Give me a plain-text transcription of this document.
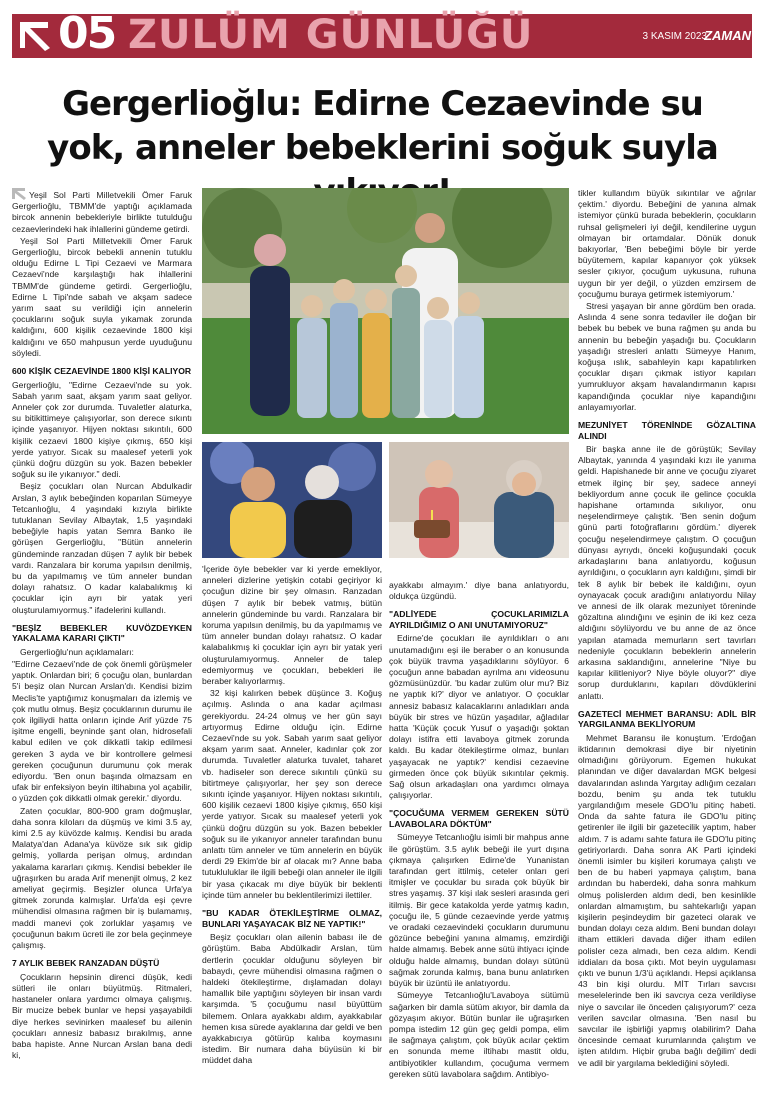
05 ZULÜM GÜNLÜĞÜ	3 KASIM 2023
ZAMAN
Gergerlioğlu: Edirne Cezaevinde su yok, anneler bebeklerini soğuk suyla

Yeşil Sol Parti Milletvekili Ömer Faruk Gergerlioğlu, TBMM'de yaptığı açıklamada bircok annenin bebekleriyle birlikte tutulduğu cezaevlerindeki hak ihlallerini gündeme getirdi.

Yeşil Sol Parti Milletvekili Ömer Faruk Gergerlioğlu, bircok bebekli annenin tutuklu olduğu Edirne L Tipi Cezaevi ve Marmara Cezaevi'nde karşılaştığı hak ihlallerini TBMM'de gündeme getirdi. Gergerlioğlu, Edirne L Tipi'nde sabah ve akşam sadece yarım saat su verildiği için annelerin çocuklarını soğuk suyla yıkamak zorunda kaldığını, 600 kişilik cezaevinde 1800 kişi kaldığını ve 650 mahpusun yerde uyuduğunu söyledi.

600 KİŞİK CEZAEVİNDE 1800 KİŞİ KALIYOR

Gergerlioğlu, "Edirne Cezaevi'nde su yok. Sabah yarım saat, akşam yarım saat geliyor. Anneler çok zor durumda. Tuvaletler alaturka, su bitikittimeye çalışıyorlar, son derece sıkıntı içinde yaşanıyor. Hijyen noktası sıkıntılı, 600 kişilik cezaevi 1800 kişiye çıkmış, 650 kişi yerde yatıyor. Sıcak su maalesef yeterli yok çünkü doğru düzgün su yok. Bazen bebekler soğuk su ile yıkanıyor." dedi.

Beşiz çocukları olan Nurcan Abdulkadir Arslan, 3 aylık bebeğinden koparılan Sümeyye Tetcanlıoğlu, 4 yaşındaki kızıyla birlikte tutuklanan Sevilay Albaytak, 1,5 yaşındaki bebeğiyle hapis yatan Semra Banko ile görüşen Gergerlioğlu, "Bütün annelerin gündeminde ranzadan düşen 7 aylık bir bebek vardı. Ranzalara bir koruma yapılsın denilmiş, bu da yapılmamış ve tüm anneler bundan dolayı rahatsız. O kadar kalabalıkmış ki çocuklar için ayrı bir yatak yeri oluşturulamıyormuş." ifadelerini kullandı.

"BEŞİZ BEBEKLER KUVÖZDEYKEN YAKALAMA KARARI ÇIKTI"

Gergerlioğlu'nun açıklamaları:

"Edirne Cezaevi'nde de çok önemli görüşmeler yaptık. Onlardan biri; 6 çocuğu olan, bunlardan 5'i beşiz olan Nurcan Arslan'dı. Kendisi bizim Meclis'te yaptığımız konuşmaları da izlemiş ve çok mutlu olmuş. Beşiz çocuklarının durumu ile çok ilgiliydi hatta onların içinde Arif yüzde 75 işitme engelli, beyninde şant olan, hidrosefali kabul edilen ve çok dikkatli takip edilmesi gereken 3 ayda ve bir kontrollere gelmesi gereken çocuğunun durumunu çok merak ediyordu. 'Ben onun başında olmazsam en ufak bir enfeksiyon beyin iltihabına yol açabilir, o yüzden çok dikkatli olmak gerekir.' diyordu.

Zaten çocuklar, 800-900 gram doğmuşlar, daha sonra kiloları da düşmüş ve kimi 3.5 ay, kimi 2.5 ay küvözde kalmış. Kendisi bu arada Malatya'dan Adana'ya küvöze sık sık gidip gelmiş, yollarda perişan olmuş, ardından yakalama kararları çıkmış. Kendisi bebekler ile uğraşırken bu arada Arif menenjit olmuş, 2 kez ameliyat geçirmiş. Beşizler olunca Urfa'ya gitmek zorunda kalmışlar. Urfa'da eşi çevre mühendisi olmasına rağmen bir iş bulamamış, maddi manevi çok zorluklar yaşamış ve çocuğunun bakım ücreti ile zor bela geçinmeye çalışmış.

7 AYLIK BEBEK RANZADAN DÜŞTÜ

Çocukların hepsinin direnci düşük, kedi sütleri ile onları büyütmüş. Ritmaleri, hastaneler onlara yardımcı olmaya çalışmış. Bir mucize bebek bunlar ve hepsi yaşayabildi diye herkes sevinirken maalesef bu ailenin çocukları annesiz babasız bırakılmış, anne baba hapiste. Anne Nurcan Arslan bana dedi ki,

'İçeride öyle bebekler var ki yerde emekliyor, anneleri dizlerine yetişkin cotabi geçiriyor ki çocuğun dizine bir şey olmasın. Ranzadan düşen 7 aylık bir bebek vatmış, bütün annelerin gündeminde bu vardı. Ranzalara bir koruma yapılsın denilmiş, bu da yapılmamış ve tüm anneler bundan dolayı rahatsız. O kadar kalabalıkmış ki çocuklar için ayrı bir yatak yeri oluşturulamıyormuş. Anneler de talep edemiyormuş ve çocukları, bebekleri ile beraber kalıyorlarmış.

32 kişi kalırken bebek düşünce 3. Koğuş açılmış. Aslında o ana kadar açılması gerekiyordu. 24-24 olmuş ve her gün sayı artıyormuş Edirne olduğu için. Edirne Cezaevi'nde su yok. Sabah yarım saat geliyor akşam yarım saat. Anneler, kadınlar çok zor durumda. Tuvaletler alaturka tuvalet, taharet vb. hadiseler son derece sıkıntılı çünkü su bitirtmeye çalışıyorlar, her şey son derece sıkıntı içinde yaşanıyor. Hijyen noktası sıkıntılı, 600 kişilik cezaevi 1800 kişiye çıkmış, 650 kişi yerde yatıyor. Sıcak su maalesef yeterli yok çünkü doğru düzgün su yok. Bazen bebekler soğuk su ile yıkanıyor anneler tarafından bunu anlattı tüm anneler ve tüm annelerin en büyük derdi 29 Ekim'de bir af olacak mı? Anne baba tutukluluklar ile ilgili bebeği olan anneler ile ilgili bir yasa çıkacak mı diye büyük bir beklenti içinde tüm anneler bu beklentilerimizi ilettiler.

"BU KADAR ÖTEKİLEŞTİRME OLMAZ, BUNLARI YAŞAYACAK BİZ NE YAPTIK!"

Beşiz çocukları olan ailenin babası ile de görüştüm. Baba Abdülkadir Arslan, tüm dertlerin çocuklar olduğunu söyleyen bir babaydı, çevre mühendisi olmasına rağmen o haldeki ötekileştirme, dışlamadan dolayı hamallık bile yaptığını söyleyen bir insan vardı karşımda. '5 çocuğumu nasıl büyüttüm bilemem. Onlara ayakkabı aldım, ayakkabılar hemen kısa sürede ayaklarına dar geldi ve ben ayakkabıcıya götürüp kalıba koymasını istedim. Bir numara daha büyüsün ki bir müddet daha

ayakkabı almayım.' diye bana anlatıyordu, oldukça üzgündü.

"ADLİYEDE ÇOCUKLARIMIZLA AYRILDIĞIMIZ O ANI UNUTAMIYORUZ"

Edirne'de çocukları ile ayrıldıkları o anı unutamadığını eşi ile beraber o an konusunda çok büyük travma yaşadıklarını söylüyor. 6 çocuğun anne babadan ayrılma anı videosunu gözmüsünüzdür. 'bu kadar zulüm olur mu? Biz ne yaptık ki?' diyor ve anlatıyor. O çocuklar annesiz babasız kalacaklarını anladıkları anda büyük bir stres ve hüzün yaşadılar, ağladılar hatta 'Küçük çocuk Yusuf o yaşadığı şoktan dolayı istifra etti lavaboya gitmek zorunda kaldı. Bu kadar ötekileştirme olmaz, bunları yaşayacak ne yaptık?' kendisi cezaevine girmeden önce çok büyük sıkıntılar çekmiş. Sağ olsun arkadaşları ona yardımcı olmaya çalışıyorlar.

"ÇOCUĞUMA VERMEM GEREKEN SÜTÜ LAVABOLARA DÖKTÜM"

Sümeyye Tetcanlıoğlu isimli bir mahpus anne ile görüştüm. 3.5 aylık bebeği ile yurt dışına çıkmaya çalışırken Edirne'de Yunanistan tarafından gert ittilmiş, ceteler onları geri itmişler ve çocuklar bu sırada çok büyük bir stres yaşamış. 37 kişi ılak sesleri arasında geri itilmiş. Bir gece katakolda yerde yatmış kadın, çocuğu ile, 5 günde cezaevinde yerde yatmış ve oradaki cezaevindeki çocukların durumunu gözünce bebeğini yanına almamış, emzirdiği halde almamış. Bebek anne sütü ihtiyacı içinde olduğu halde almamış, bundan dolayı sütünü sağmak zorunda kalmış, bana bunu anlatırken büyük bir üzüntü ile anlatıyordu.

Sümeyye Tetcanlıoğlu'Lavaboya sütümü sağarken bir damla sütüm akıyor, bir damla da gözyaşım akıyor. Bütün bunlar ile uğraşırken pompa istedim 12 gün geç geldi pompa, elim ile sağmaya çalıştım, çok büyük acılar çektim en sonunda meme iltihabı mastit oldu, antibiyotikler kullandım, çocuğuma vermem gereken sütü lavabolara sağdım. Antibiyo-

tikler kullandım büyük sıkıntılar ve ağrılar çektim.' diyordu. Bebeğini de yanına almak istemiyor çünkü burada bebeklerin, çocukların ruhsal gelişmeleri iyi değil, kendilerine uygun olmayan bir ortamdalar. Dönük donuk bakıyorlar, 'Ben bebeğimi böyle bir yerde büyütemem, kapılar kapanıyor çok yüksek sesler çıkıyor, çocuğum uykusuna, ruhuna uygun bir yer değil, o yüzden emzirsem de çocuğumu buraya getirmek istemiyorum.'

Stresi yaşayan bir anne gördüm ben orada. Aslında 4 sene sonra tedaviler ile doğan bir bebek bu bebek ve buna rağmen şu anda bu annenin bu bebeğin yaşadığı bu. Çocukların yaşadığı stresleri anlattı Sümeyye Hanım, koğuşa ıslık, sabahleyin kapı kapatılırken çocuklar dışarı çıkmak istiyor kapıları yumrukluyor akşam havalandırmanın kapısı kapandığında çocuklar niye kapandığını anlayamıyorlar.

MEZUNİYET TÖRENİNDE GÖZALTINA ALINDI

Bir başka anne ile de görüştük; Sevilay Albaytak, yanında 4 yaşındaki kızı ile yanıma geldi. Hapishanede bir anne ve çocuğu ziyaret etmek ilginç bir şey, sadece anneyi bekliyordum anne çocuk ile gelince çocukla hapishane ortamında sıkılıyor, onu neşelendirmeye çalıştık. 'Ben senin doğum günü parti fotoğraflarını gördüm.' diyerek çocuğu neşelendirmeye çalıştım. O çocuğun dünyası ayrıydı, önceki koğuşundaki çocuk arkadaşlarını bana anlatıyordu, koğusun ayrıldığını, o çocukların ayrı kaldığını, şimdi bir tek 8 aylık bir bebek ile kaldığını, oyun oynayacak çocuk aradığını anlatıyordu Nilay ve annesi de ilk olarak mezuniyet töreninde gözaltına alındığını ve eşinin de iki kez ceza aldığını söylüyordu ve bu anne de az önce yapılan atamada memurların sert tavırları nedeniyle çocukların bebeklerin annelerin arkasına saklandığını, annelerine "Niye bu kapılar kilitleniyor? Niye böyle oluyor?" diye sorup durduklarını, kapıları dövdüklerini anlattı.

GAZETECİ MEHMET BARANSU: ADİL BİR YARGILANMA BEKLİYORUM

Mehmet Baransu ile konuştum. 'Erdoğan iktidarının demokrasi diye bir niyetinin olmadığını görüyorum. Egemen hukukat planından ve diğer davalardan MGK belgesi davalarından aslında Yargıtay adlığım cezaları bozdu, benim şu anda tek tutuklu yargılandığım mesele GDO'lu pitinç habeti. Onda da sahte fatura ile GDO'lu pitinç getirenler ile ilgili bir gazetecilik yaptım, haber aldım. 7 is adamı sahte fatura ile GDO'lu pitinç getiriyorlardı. Daha sonra AK Parti içindeki önemli isimler bu kişileri korumaya çalıştı ve ben de bu haberi yapmaya çalıştım, bana ardından bu haberdeki, daha sonra mahkum olmuş polislerden aldım dedi, ben kesinlikle onlardan almamıştım, bu sahtekarlığı yapan kişilerin peşindeydim bir gazeteci olarak ve bundan dolayı ceza aldım. Beni bundan dolayı itham ettikleri davada diğer itham edilen polisler ceza almadı, ben ceza aldım. Kendi iddiaları da bosa çıktı. Mot beyin uygulaması çıktı ve bunun 1/3'ü açıklandı. Hepsi açıklansa 43 bin kişi olurdu. MİT Tırları savcısı meselelerinde ben iki savcıya ceza verildiyse niye o savcılar ile önceden çalışıyorum?' ceza verilen savcılar olmasına. 'Ben nasıl bu savcılar ile işbirliği yapmış olabilirim? Daha öncesinde cemaat kurumlarında çalıştım ve işten atıldım. Hiçbir gruba bağlı değilim' dedi ve adil bir yargılama beklediğini söyledi.
